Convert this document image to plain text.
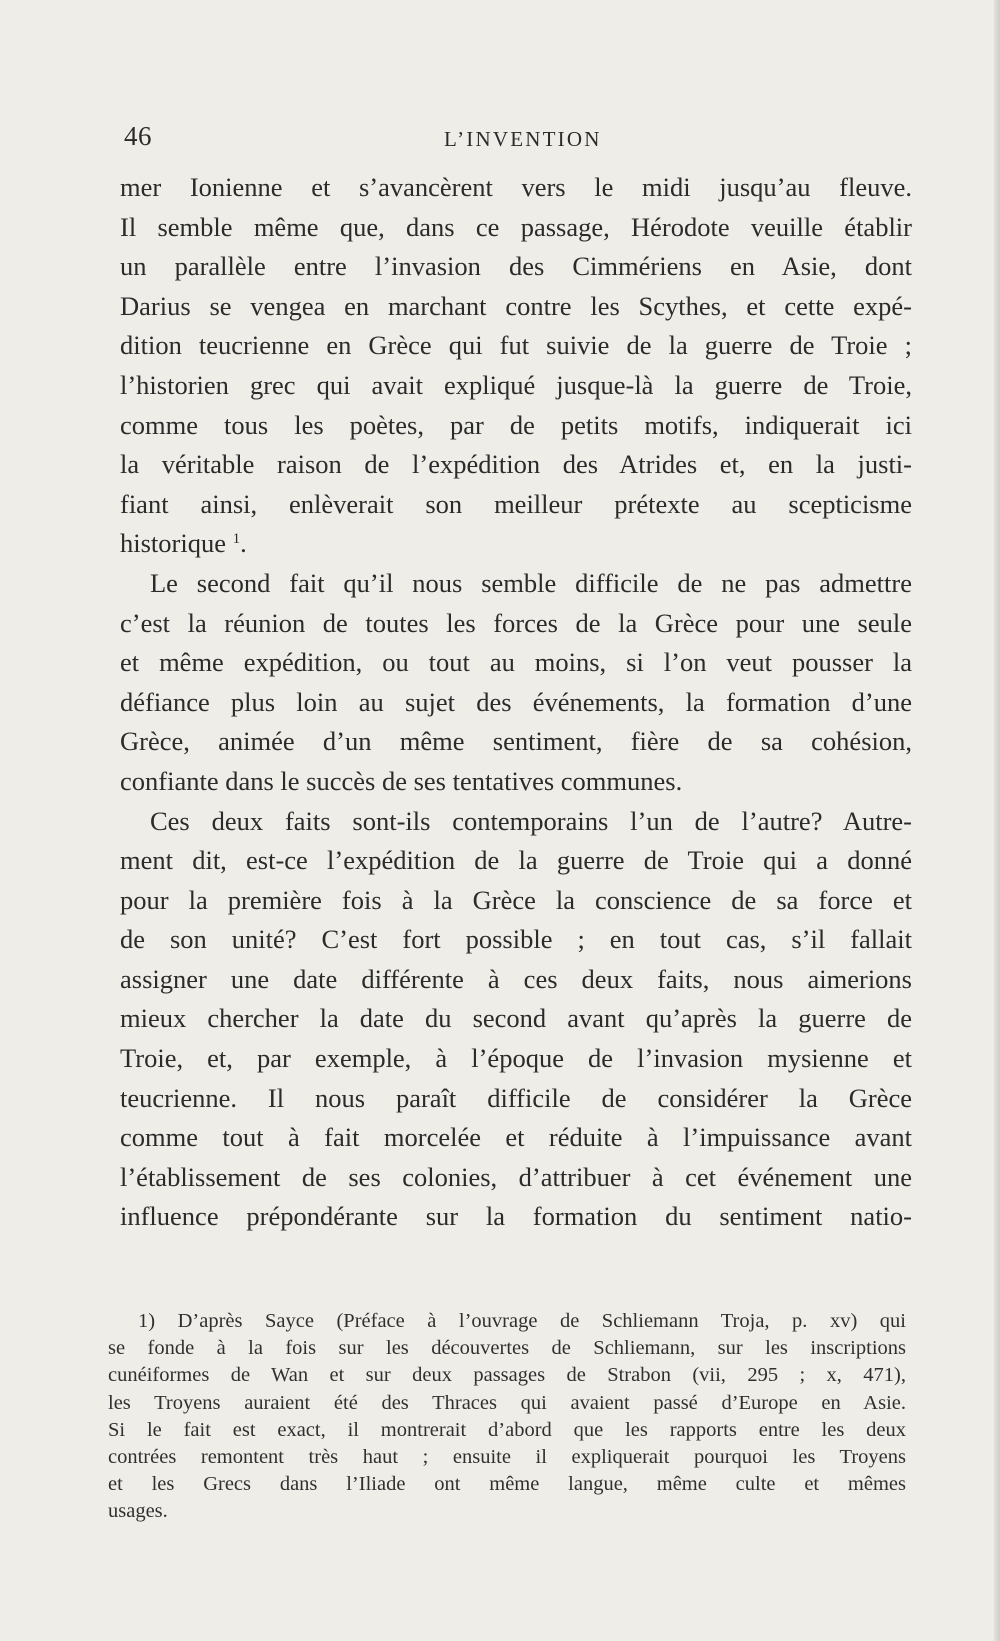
46	L’INVENTION
mer Ionienne et s’avancèrent vers le midi jusqu’au fleuve.
Il semble même que, dans ce passage, Hérodote veuille établir
un parallèle entre l’invasion des Cimmériens en Asie, dont
Darius se vengea en marchant contre les Scythes, et cette expé-
dition teucrienne en Grèce qui fut suivie de la guerre de Troie ;
l’historien grec qui avait expliqué jusque-là la guerre de Troie,
comme tous les poètes, par de petits motifs, indiquerait ici
la véritable raison de l’expédition des Atrides et, en la justi-
fiant ainsi, enlèverait son meilleur prétexte au scepticisme
historique $^1$.
Le second fait qu’il nous semble difficile de ne pas admettre
c’est la réunion de toutes les forces de la Grèce pour une seule
et même expédition, ou tout au moins, si l’on veut pousser la
défiance plus loin au sujet des événements, la formation d’une
Grèce, animée d’un même sentiment, fière de sa cohésion,
confiante dans le succès de ses tentatives communes.
Ces deux faits sont-ils contemporains l’un de l’autre? Autre-
ment dit, est-ce l’expédition de la guerre de Troie qui a donné
pour la première fois à la Grèce la conscience de sa force et
de son unité? C’est fort possible ; en tout cas, s’il fallait
assigner une date différente à ces deux faits, nous aimerions
mieux chercher la date du second avant qu’après la guerre de
Troie, et, par exemple, à l’époque de l’invasion mysienne et
teucrienne. Il nous paraît difficile de considérer la Grèce
comme tout à fait morcelée et réduite à l’impuissance avant
l’établissement de ses colonies, d’attribuer à cet événement une
influence prépondérante sur la formation du sentiment natio-
1) D’après Sayce (Préface à l’ouvrage de Schliemann Troja, p. xv) qui
se fonde à la fois sur les découvertes de Schliemann, sur les inscriptions
cunéiformes de Wan et sur deux passages de Strabon (vii, 295 ; x, 471),
les Troyens auraient été des Thraces qui avaient passé d’Europe en Asie.
Si le fait est exact, il montrerait d’abord que les rapports entre les deux
contrées remontent très haut ; ensuite il expliquerait pourquoi les Troyens
et les Grecs dans l’Iliade ont même langue, même culte et mêmes
usages.
